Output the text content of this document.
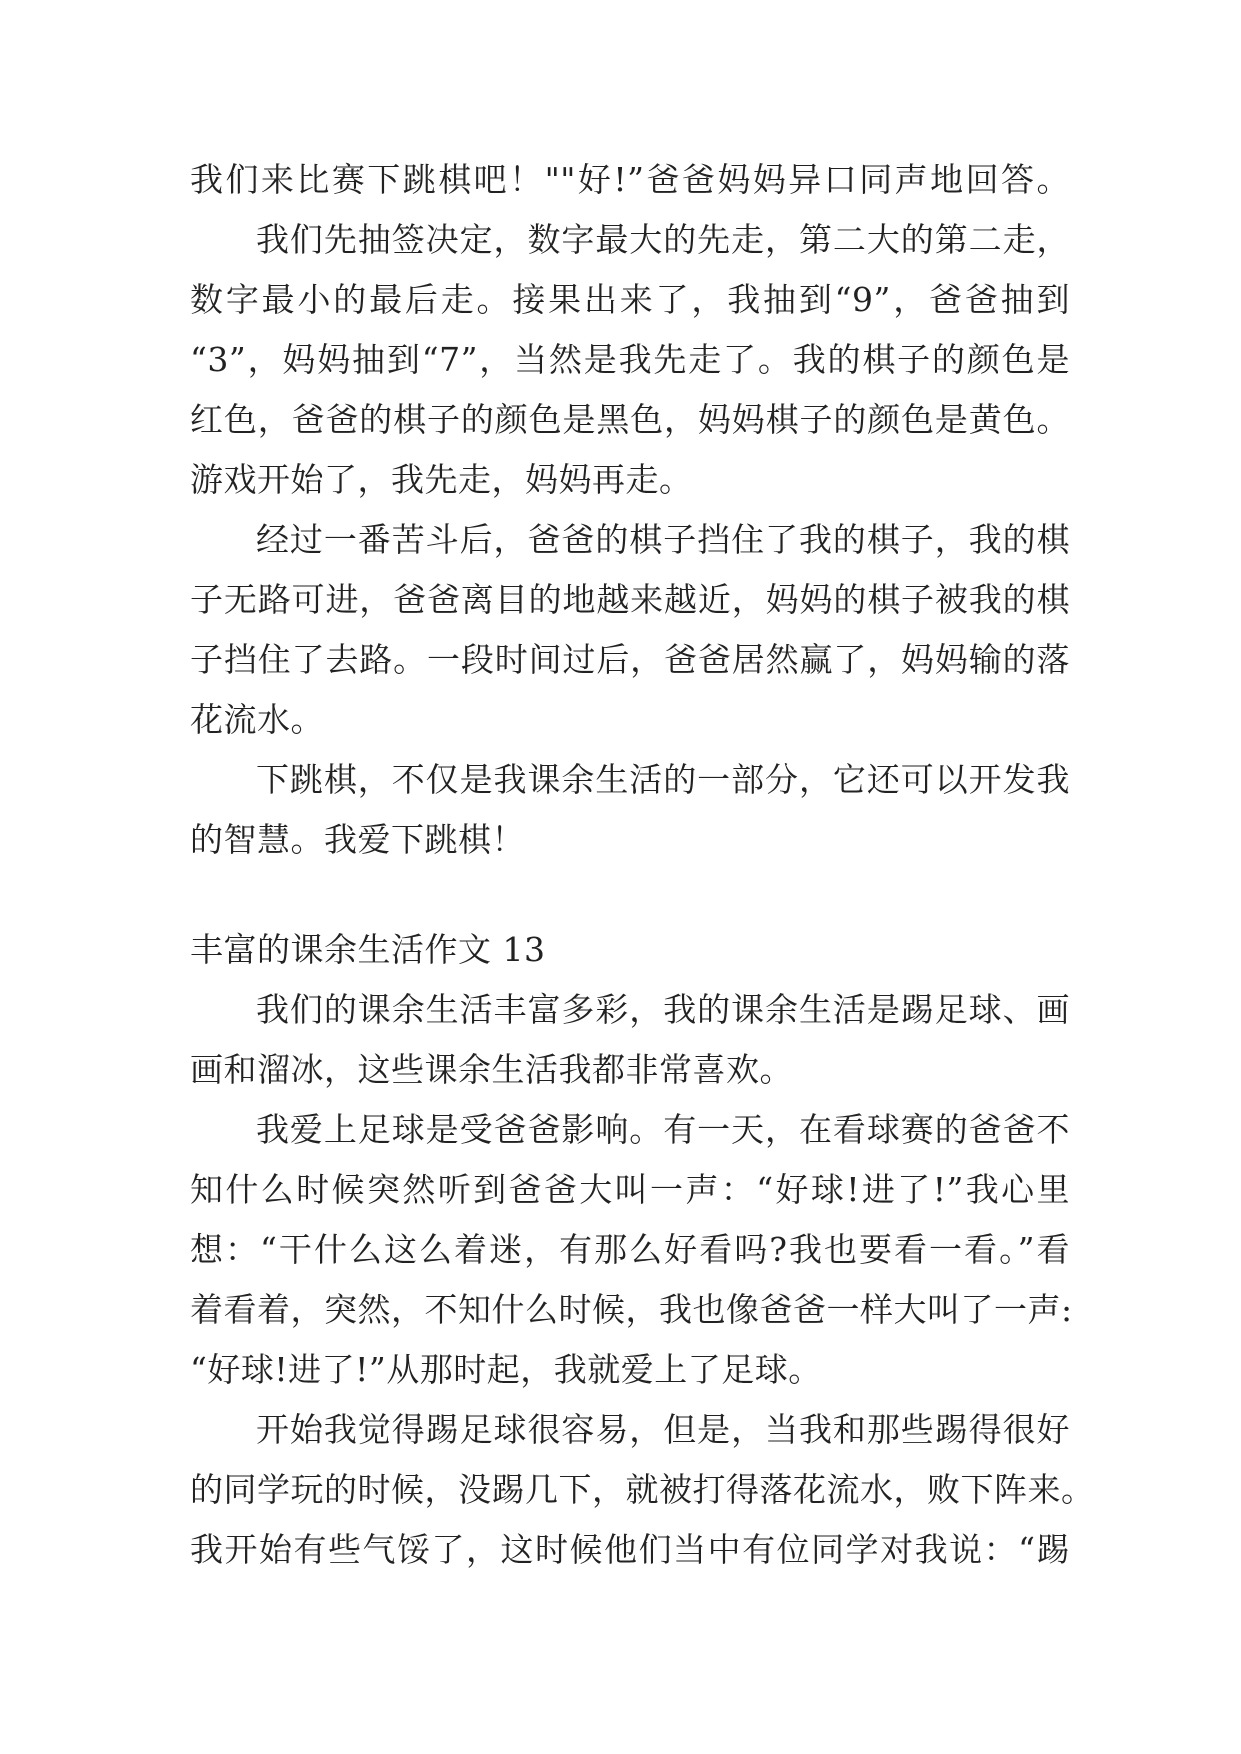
我们来比赛下跳棋吧！""好!”爸爸妈妈异口同声地回答。
我们先抽签决定，数字最大的先走，第二大的第二走，
数字最小的最后走。接果出来了，我抽到“9”，爸爸抽到
“3”，妈妈抽到“7”，当然是我先走了。我的棋子的颜色是
红色，爸爸的棋子的颜色是黑色，妈妈棋子的颜色是黄色。
游戏开始了，我先走，妈妈再走。
经过一番苦斗后，爸爸的棋子挡住了我的棋子，我的棋
子无路可进，爸爸离目的地越来越近，妈妈的棋子被我的棋
子挡住了去路。一段时间过后，爸爸居然赢了，妈妈输的落
花流水。
下跳棋，不仅是我课余生活的一部分，它还可以开发我
的智慧。我爱下跳棋！
丰富的课余生活作文 13
我们的课余生活丰富多彩，我的课余生活是踢足球、画
画和溜冰，这些课余生活我都非常喜欢。
我爱上足球是受爸爸影响。有一天，在看球赛的爸爸不
知什么时候突然听到爸爸大叫一声：“好球!进了!”我心里
想：“干什么这么着迷，有那么好看吗?我也要看一看。”看
着看着，突然，不知什么时候，我也像爸爸一样大叫了一声:
“好球!进了!”从那时起，我就爱上了足球。
开始我觉得踢足球很容易，但是，当我和那些踢得很好
的同学玩的时候，没踢几下，就被打得落花流水，败下阵来。
我开始有些气馁了，这时候他们当中有位同学对我说：“踢
